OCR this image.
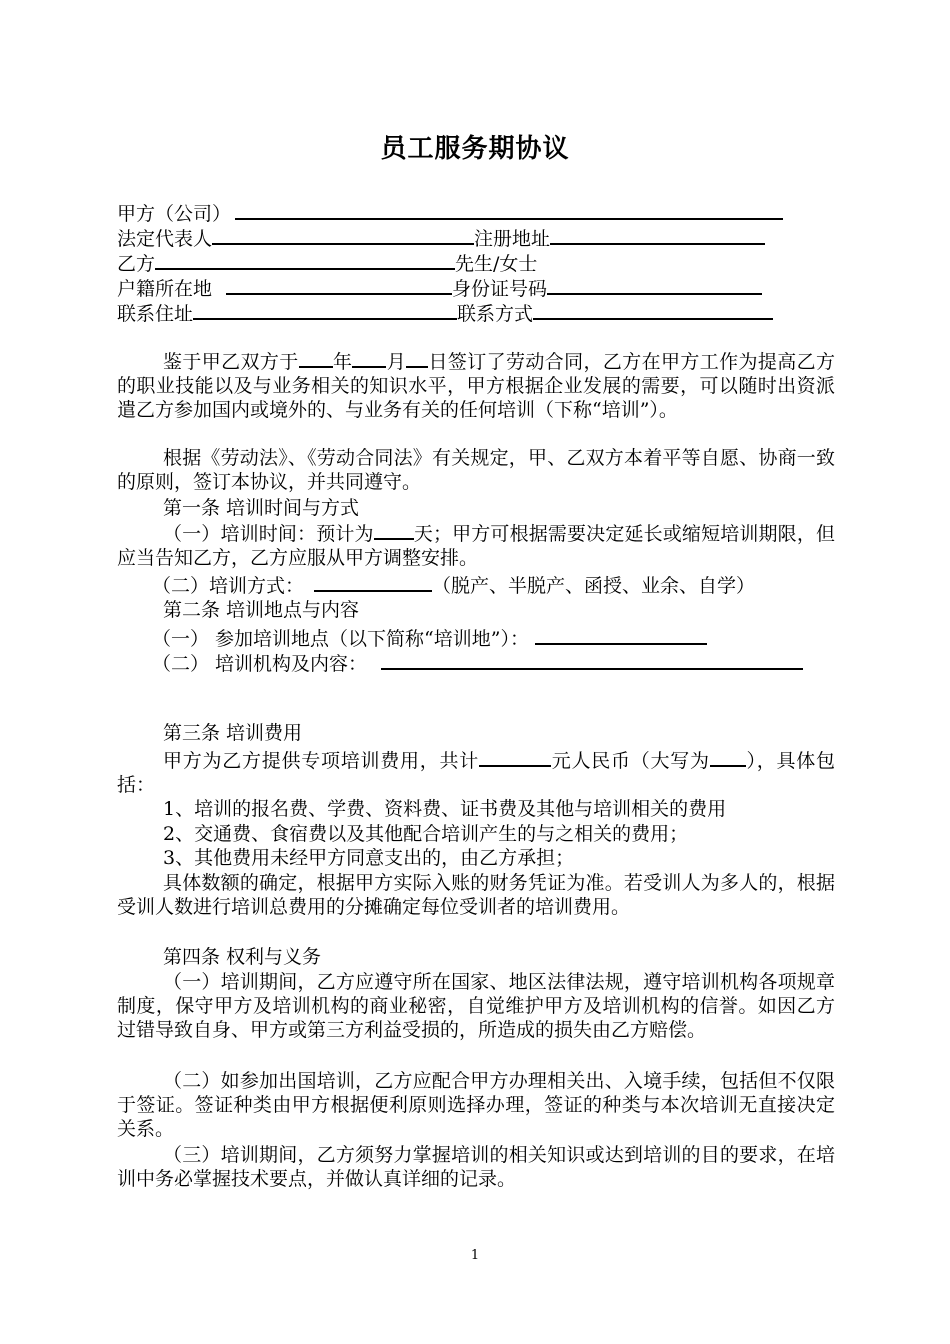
员工服务期协议
甲方（公司）
法定代表人	注册地址
乙方	先生/女士
户籍所在地	身份证号码
联系住址	联系方式
鉴于甲乙双方于 年 月 日签订了劳动合同，乙方在甲方工作为提高乙方的职业技能以及与业务相关的知识水平，甲方根据企业发展的需要，可以随时出资派遣乙方参加国内或境外的、与业务有关的任何培训（下称“培训”）。
根据《劳动法》、《劳动合同法》有关规定，甲、乙双方本着平等自愿、协商一致的原则，签订本协议，并共同遵守。
第一条 培训时间与方式
（一）培训时间：预计为 天；甲方可根据需要决定延长或缩短培训期限，但应当告知乙方，乙方应服从甲方调整安排。
（二）培训方式：	（脱产、半脱产、函授、业余、自学）
第二条 培训地点与内容
（一） 参加培训地点（以下简称“培训地”）：
（二） 培训机构及内容：
第三条 培训费用
甲方为乙方提供专项培训费用，共计	元人民币（大写为 ），具体包括：
1、培训的报名费、学费、资料费、证书费及其他与培训相关的费用
2、交通费、食宿费以及其他配合培训产生的与之相关的费用；
3、其他费用未经甲方同意支出的，由乙方承担；
具体数额的确定，根据甲方实际入账的财务凭证为准。若受训人为多人的，根据受训人数进行培训总费用的分摊确定每位受训者的培训费用。
第四条 权利与义务
（一）培训期间，乙方应遵守所在国家、地区法律法规，遵守培训机构各项规章制度，保守甲方及培训机构的商业秘密，自觉维护甲方及培训机构的信誉。如因乙方过错导致自身、甲方或第三方利益受损的，所造成的损失由乙方赔偿。
（二）如参加出国培训，乙方应配合甲方办理相关出、入境手续，包括但不仅限于签证。签证种类由甲方根据便利原则选择办理，签证的种类与本次培训无直接决定关系。
（三）培训期间，乙方须努力掌握培训的相关知识或达到培训的目的要求，在培训中务必掌握技术要点，并做认真详细的记录。
1
